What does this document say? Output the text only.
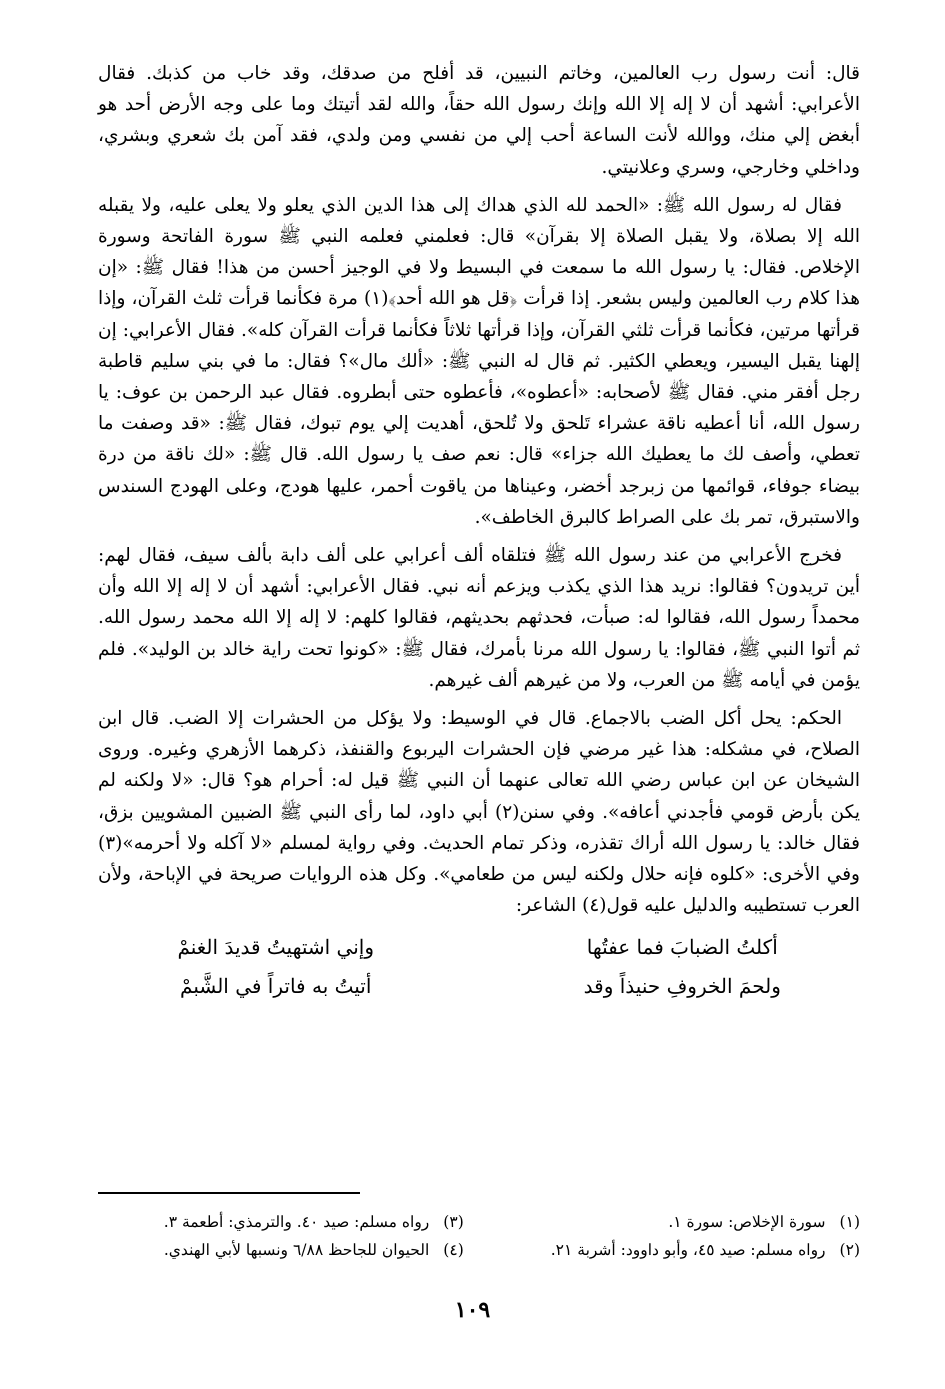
قال: أنت رسول رب العالمين، وخاتم النبيين، قد أفلح من صدقك، وقد خاب من كذبك. فقال الأعرابي: أشهد أن لا إله إلا الله وإنك رسول الله حقاً، والله لقد أتيتك وما على وجه الأرض أحد هو أبغض إلي منك، ووالله لأنت الساعة أحب إلي من نفسي ومن ولدي، فقد آمن بك شعري وبشري، وداخلي وخارجي، وسري وعلانيتي.

فقال له رسول الله ﷺ: «الحمد لله الذي هداك إلى هذا الدين الذي يعلو ولا يعلى عليه، ولا يقبله الله إلا بصلاة، ولا يقبل الصلاة إلا بقرآن» قال: فعلمني فعلمه النبي ﷺ سورة الفاتحة وسورة الإخلاص. فقال: يا رسول الله ما سمعت في البسيط ولا في الوجيز أحسن من هذا! فقال ﷺ: «إن هذا كلام رب العالمين وليس بشعر. إذا قرأت ﴿قل هو الله أحد﴾(١) مرة فكأنما قرأت ثلث القرآن، وإذا قرأتها مرتين، فكأنما قرأت ثلثي القرآن، وإذا قرأتها ثلاثاً فكأنما قرأت القرآن كله». فقال الأعرابي: إن إلهنا يقبل اليسير، ويعطي الكثير. ثم قال له النبي ﷺ: «ألك مال»؟ فقال: ما في بني سليم قاطبة رجل أفقر مني. فقال ﷺ لأصحابه: «أعطوه»، فأعطوه حتى أبطروه. فقال عبد الرحمن بن عوف: يا رسول الله، أنا أعطيه ناقة عشراء تَلحق ولا تُلحق، أهديت إلي يوم تبوك، فقال ﷺ: «قد وصفت ما تعطي، وأصف لك ما يعطيك الله جزاء» قال: نعم صف يا رسول الله. قال ﷺ: «لك ناقة من درة بيضاء جوفاء، قوائمها من زبرجد أخضر، وعيناها من ياقوت أحمر، عليها هودج، وعلى الهودج السندس والاستبرق، تمر بك على الصراط كالبرق الخاطف».

فخرج الأعرابي من عند رسول الله ﷺ فتلقاه ألف أعرابي على ألف دابة بألف سيف، فقال لهم: أين تريدون؟ فقالوا: نريد هذا الذي يكذب ويزعم أنه نبي. فقال الأعرابي: أشهد أن لا إله إلا الله وأن محمداً رسول الله، فقالوا له: صبأت، فحدثهم بحديثهم، فقالوا كلهم: لا إله إلا الله محمد رسول الله. ثم أتوا النبي ﷺ، فقالوا: يا رسول الله مرنا بأمرك، فقال ﷺ: «كونوا تحت راية خالد بن الوليد». فلم يؤمن في أيامه ﷺ من العرب، ولا من غيرهم ألف غيرهم.

الحكم: يحل أكل الضب بالاجماع. قال في الوسيط: ولا يؤكل من الحشرات إلا الضب. قال ابن الصلاح، في مشكله: هذا غير مرضي فإن الحشرات اليربوع والقنفذ، ذكرهما الأزهري وغيره. وروى الشيخان عن ابن عباس رضي الله تعالى عنهما أن النبي ﷺ قيل له: أحرام هو؟ قال: «لا ولكنه لم يكن بأرض قومي فأجدني أعافه». وفي سنن(٢) أبي داود، لما رأى النبي ﷺ الضبين المشويين بزق، فقال خالد: يا رسول الله أراك تقذره، وذكر تمام الحديث. وفي رواية لمسلم «لا آكله ولا أحرمه»(٣) وفي الأخرى: «كلوه فإنه حلال ولكنه ليس من طعامي». وكل هذه الروايات صريحة في الإباحة، ولأن العرب تستطيبه والدليل عليه قول(٤) الشاعر:

أكلتُ الضبابَ فما عفتُها
وإني اشتهيتُ قديدَ الغنمْ
ولحمَ الخروفِ حنيذاً وقد
أتيتُ به فاتراً في الشَّبمْ
(١)سورة الإخلاص: سورة ١.
(٣)رواه مسلم: صيد ٤٠. والترمذي: أطعمة ٣.
(٢)رواه مسلم: صيد ٤٥، وأبو داوود: أشربة ٢١.
(٤)الحيوان للجاحظ ٦/٨٨ ونسبها لأبي الهندي.
١٠٩
